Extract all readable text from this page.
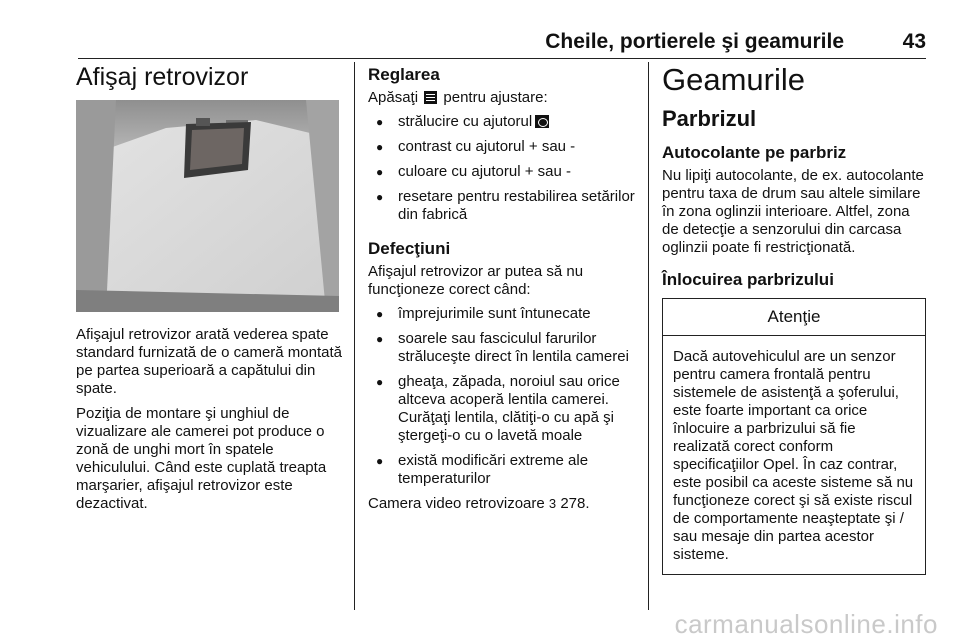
Cheile, portierele şi geamurile	43
Afişaj retrovizor

Afişajul retrovizor arată vederea spate standard furnizată de o cameră montată pe partea superioară a capătului din spate.

Poziţia de montare şi unghiul de vizualizare ale camerei pot produce o zonă de unghi mort în spatele vehiculului. Când este cuplată treapta marşarier, afişajul retrovizor este dezactivat.

Reglarea

Apăsaţi pentru ajustare:

● strălucire cu ajutorul
● contrast cu ajutorul + sau -
● culoare cu ajutorul + sau -
● resetare pentru restabilirea setărilor din fabrică
Defecţiuni

Afişajul retrovizor ar putea să nu funcţioneze corect când:

● împrejurimile sunt întunecate
● soarele sau fasciculul farurilor străluceşte direct în lentila camerei
● gheaţa, zăpada, noroiul sau orice altceva acoperă lentila camerei. Curăţaţi lentila, clătiţi-o cu apă şi ştergeţi-o cu o lavetă moale
● există modificări extreme ale temperaturilor

Camera video retrovizoare 3 278.

Geamurile
Parbrizul
Autocolante pe parbriz

Nu lipiţi autocolante, de ex. autocolante pentru taxa de drum sau altele similare în zona oglinzii interioare. Altfel, zona de detecţie a senzorului din carcasa oglinzii poate fi restricţionată.

Înlocuirea parbrizului
Atenţie
Dacă autovehiculul are un senzor pentru camera frontală pentru sistemele de asistenţă a şoferului, este foarte important ca orice înlocuire a parbrizului să fie realizată corect conform specificaţiilor Opel. În caz contrar, este posibil ca aceste sisteme să nu funcţioneze corect şi să existe riscul de comportamente neaşteptate şi / sau mesaje din partea acestor sisteme.
carmanualsonline.info
